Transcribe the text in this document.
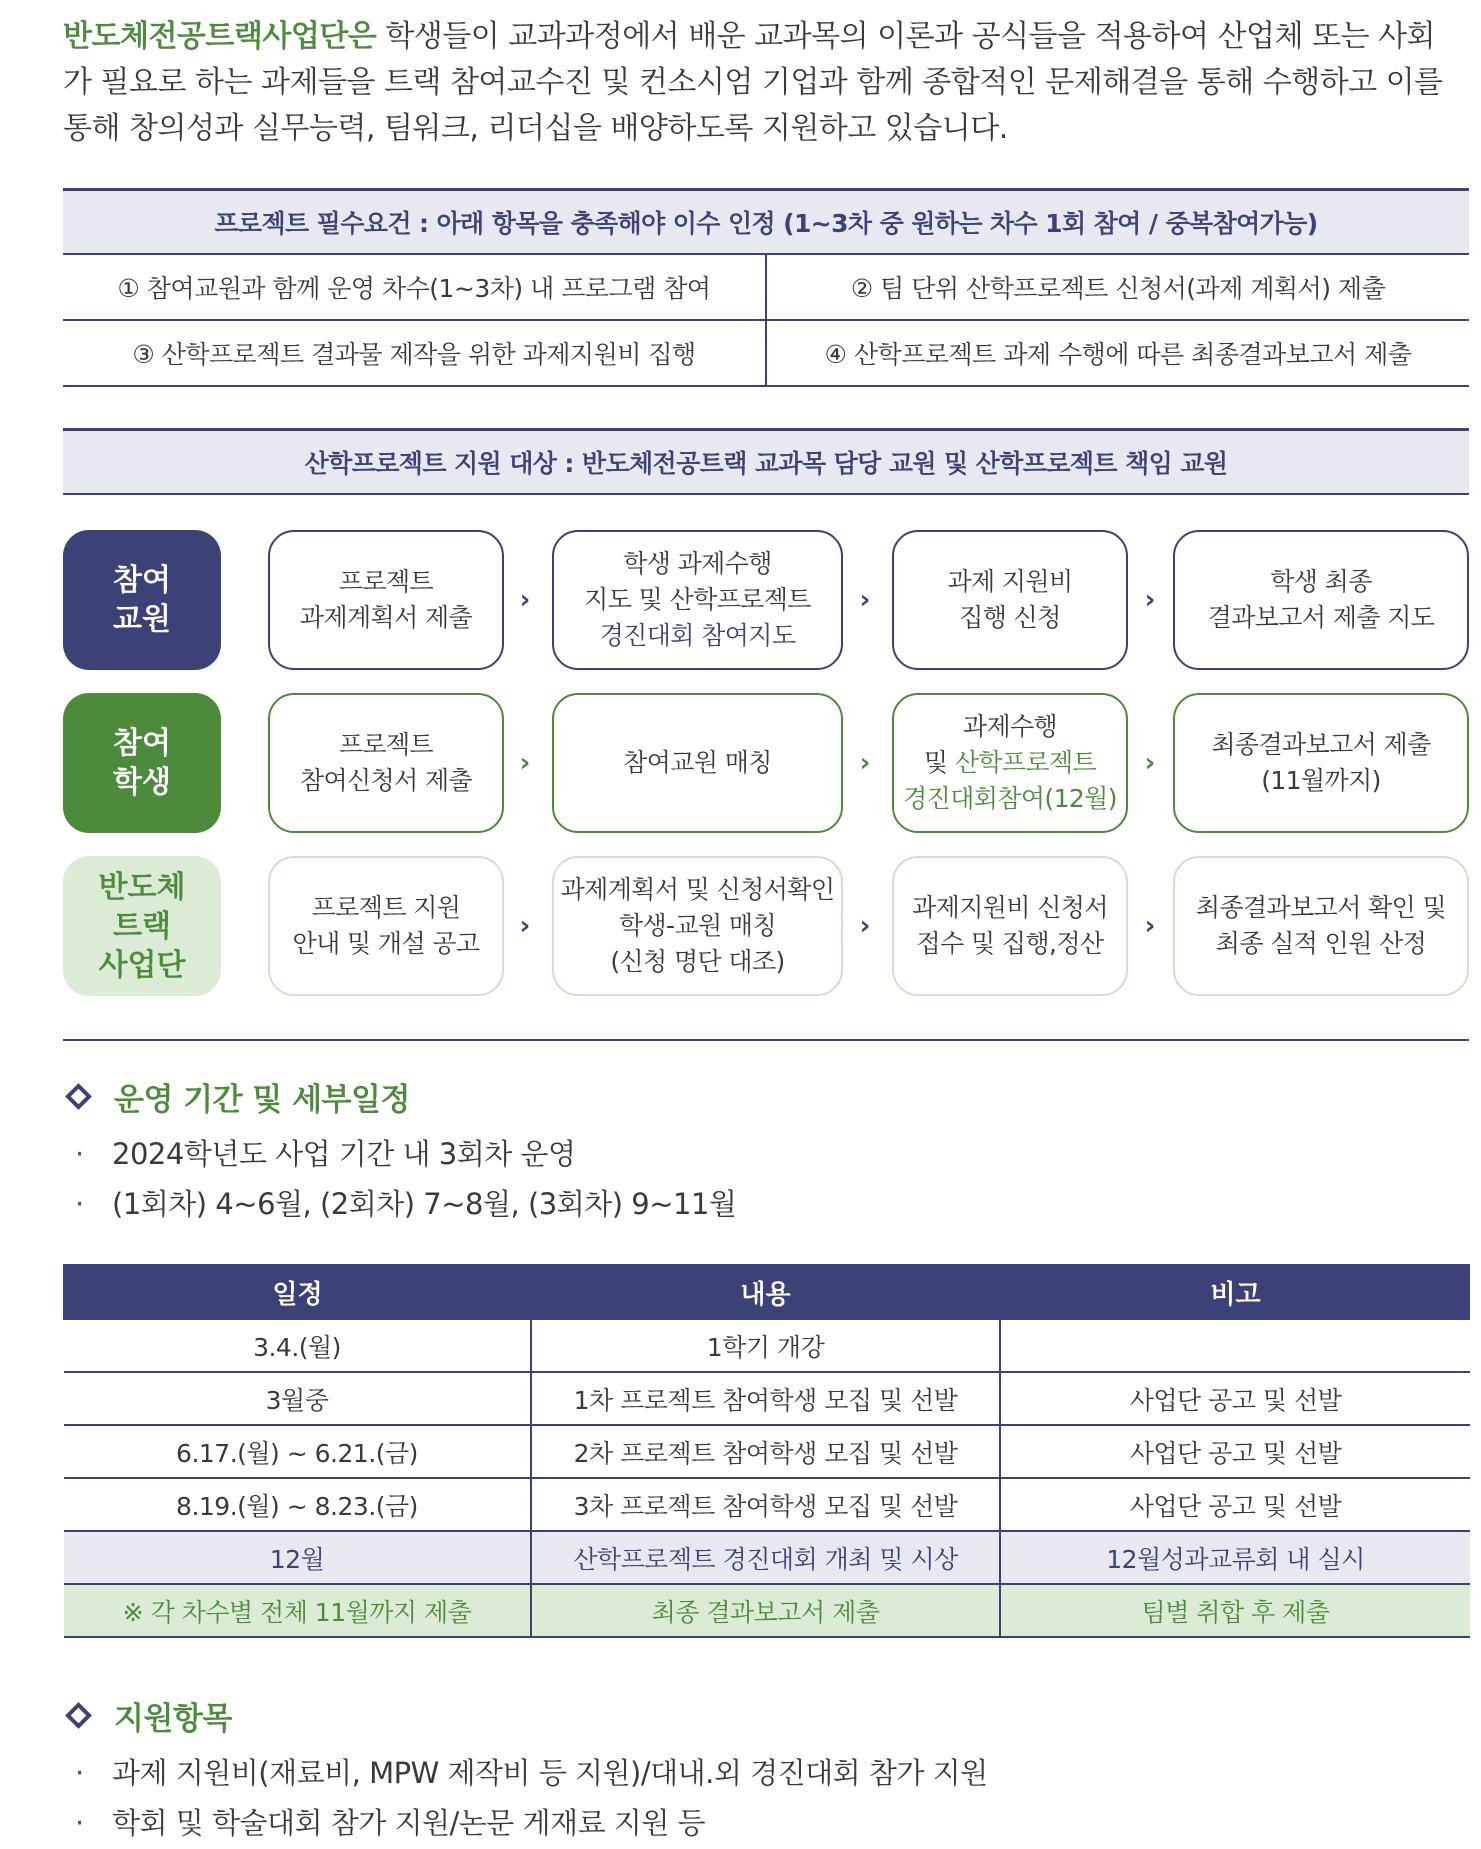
반도체전공트랙사업단은 학생들이 교과과정에서 배운 교과목의 이론과 공식들을 적용하여 산업체 또는 사회가 필요로 하는 과제들을 트랙 참여교수진 및 컨소시엄 기업과 함께 종합적인 문제해결을 통해 수행하고 이를 통해 창의성과 실무능력, 팀워크, 리더십을 배양하도록 지원하고 있습니다.
프로젝트 필수요건 : 아래 항목을 충족해야 이수 인정 (1~3차 중 원하는 차수 1회 참여 / 중복참여가능)
① 참여교원과 함께 운영 차수(1~3차) 내 프로그램 참여	② 팀 단위 산학프로젝트 신청서(과제 계획서) 제출
③ 산학프로젝트 결과물 제작을 위한 과제지원비 집행	④ 산학프로젝트 과제 수행에 따른 최종결과보고서 제출
산학프로젝트 지원 대상 : 반도체전공트랙 교과목 담당 교원 및 산학프로젝트 책임 교원
참여
교원
프로젝트
과제계획서 제출
›
학생 과제수행
지도 및 산학프로젝트
경진대회 참여지도
›
과제 지원비
집행 신청
›
학생 최종
결과보고서 제출 지도
참여
학생
프로젝트
참여신청서 제출
›	참여교원 매칭	›
과제수행
및 산학프로젝트
경진대회참여(12월)
›
최종결과보고서 제출
(11월까지)
반도체
트랙
사업단
프로젝트 지원
안내 및 개설 공고
›
과제계획서 및 신청서확인
학생-교원 매칭
(신청 명단 대조)
›
과제지원비 신청서
접수 및 집행,정산
›
최종결과보고서 확인 및
최종 실적 인원 산정
운영 기간 및 세부일정
· 2024학년도 사업 기간 내 3회차 운영
· (1회차) 4~6월, (2회차) 7~8월, (3회차) 9~11월
일정	내용	비고
3.4.(월)	1학기 개강	
3월중	1차 프로젝트 참여학생 모집 및 선발	사업단 공고 및 선발
6.17.(월) ~ 6.21.(금)	2차 프로젝트 참여학생 모집 및 선발	사업단 공고 및 선발
8.19.(월) ~ 8.23.(금)	3차 프로젝트 참여학생 모집 및 선발	사업단 공고 및 선발
12월	산학프로젝트 경진대회 개최 및 시상	12월성과교류회 내 실시
※ 각 차수별 전체 11월까지 제출	최종 결과보고서 제출	팀별 취합 후 제출
지원항목
· 과제 지원비(재료비, MPW 제작비 등 지원)/대내.외 경진대회 참가 지원
· 학회 및 학술대회 참가 지원/논문 게재료 지원 등
